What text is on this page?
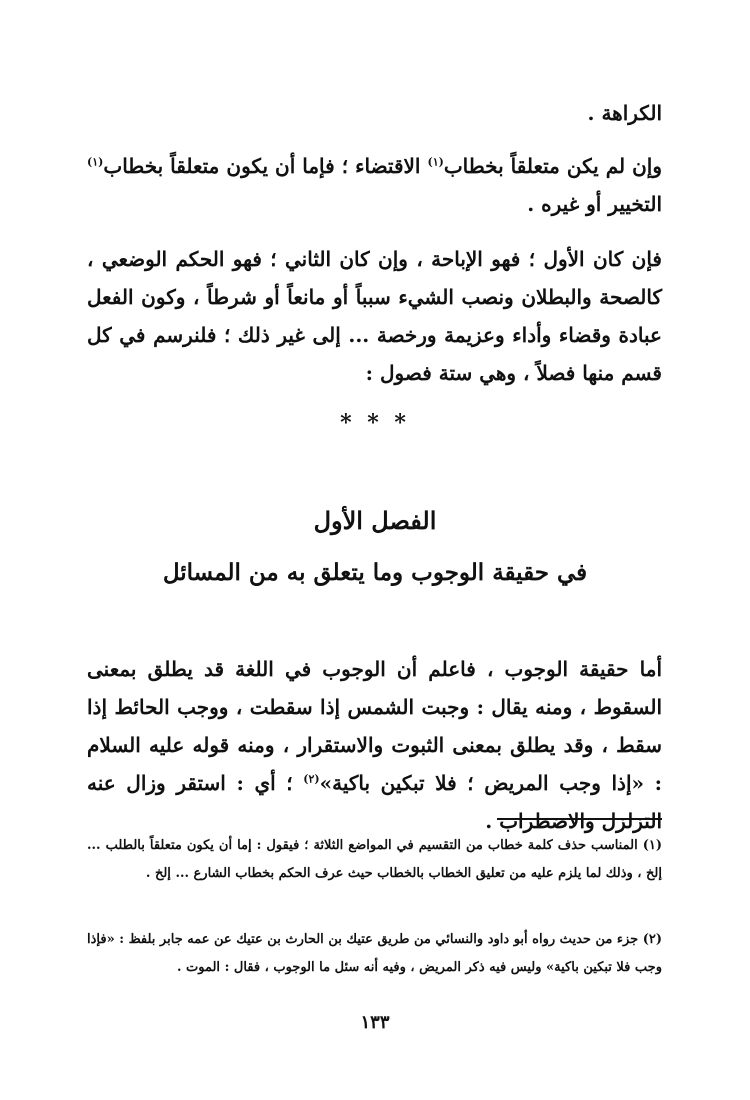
الكراهة .
وإن لم يكن متعلقاً بخطاب$^{(١)}$ الاقتضاء ؛ فإما أن يكون متعلقاً بخطاب$^{(١)}$ التخيير أو غيره .
فإن كان الأول ؛ فهو الإباحة ، وإن كان الثاني ؛ فهو الحكم الوضعي ، كالصحة والبطلان ونصب الشيء سبباً أو مانعاً أو شرطاً ، وكون الفعل عبادة وقضاء وأداء وعزيمة ورخصة ... إلى غير ذلك ؛ فلنرسم في كل قسم منها فصلاً ، وهي ستة فصول :
* * *
الفصل الأول
في حقيقة الوجوب وما يتعلق به من المسائل
أما حقيقة الوجوب ، فاعلم أن الوجوب في اللغة قد يطلق بمعنى السقوط ، ومنه يقال : وجبت الشمس إذا سقطت ، ووجب الحائط إذا سقط ، وقد يطلق بمعنى الثبوت والاستقرار ، ومنه قوله عليه السلام : «إذا وجب المريض ؛ فلا تبكين باكية»$^{(٢)}$ ؛ أي : استقر وزال عنه التزلزل والاضطراب .
(١) المناسب حذف كلمة خطاب من التقسيم في المواضع الثلاثة ؛ فيقول : إما أن يكون متعلقاً بالطلب ... إلخ ، وذلك لما يلزم عليه من تعليق الخطاب بالخطاب حيث عرف الحكم بخطاب الشارع ... إلخ .
(٢) جزء من حديث رواه أبو داود والنسائي من طريق عتيك بن الحارث بن عتيك عن عمه جابر بلفظ : «فإذا وجب فلا تبكين باكية» وليس فيه ذكر المريض ، وفيه أنه سئل ما الوجوب ، فقال : الموت .
١٣٣
